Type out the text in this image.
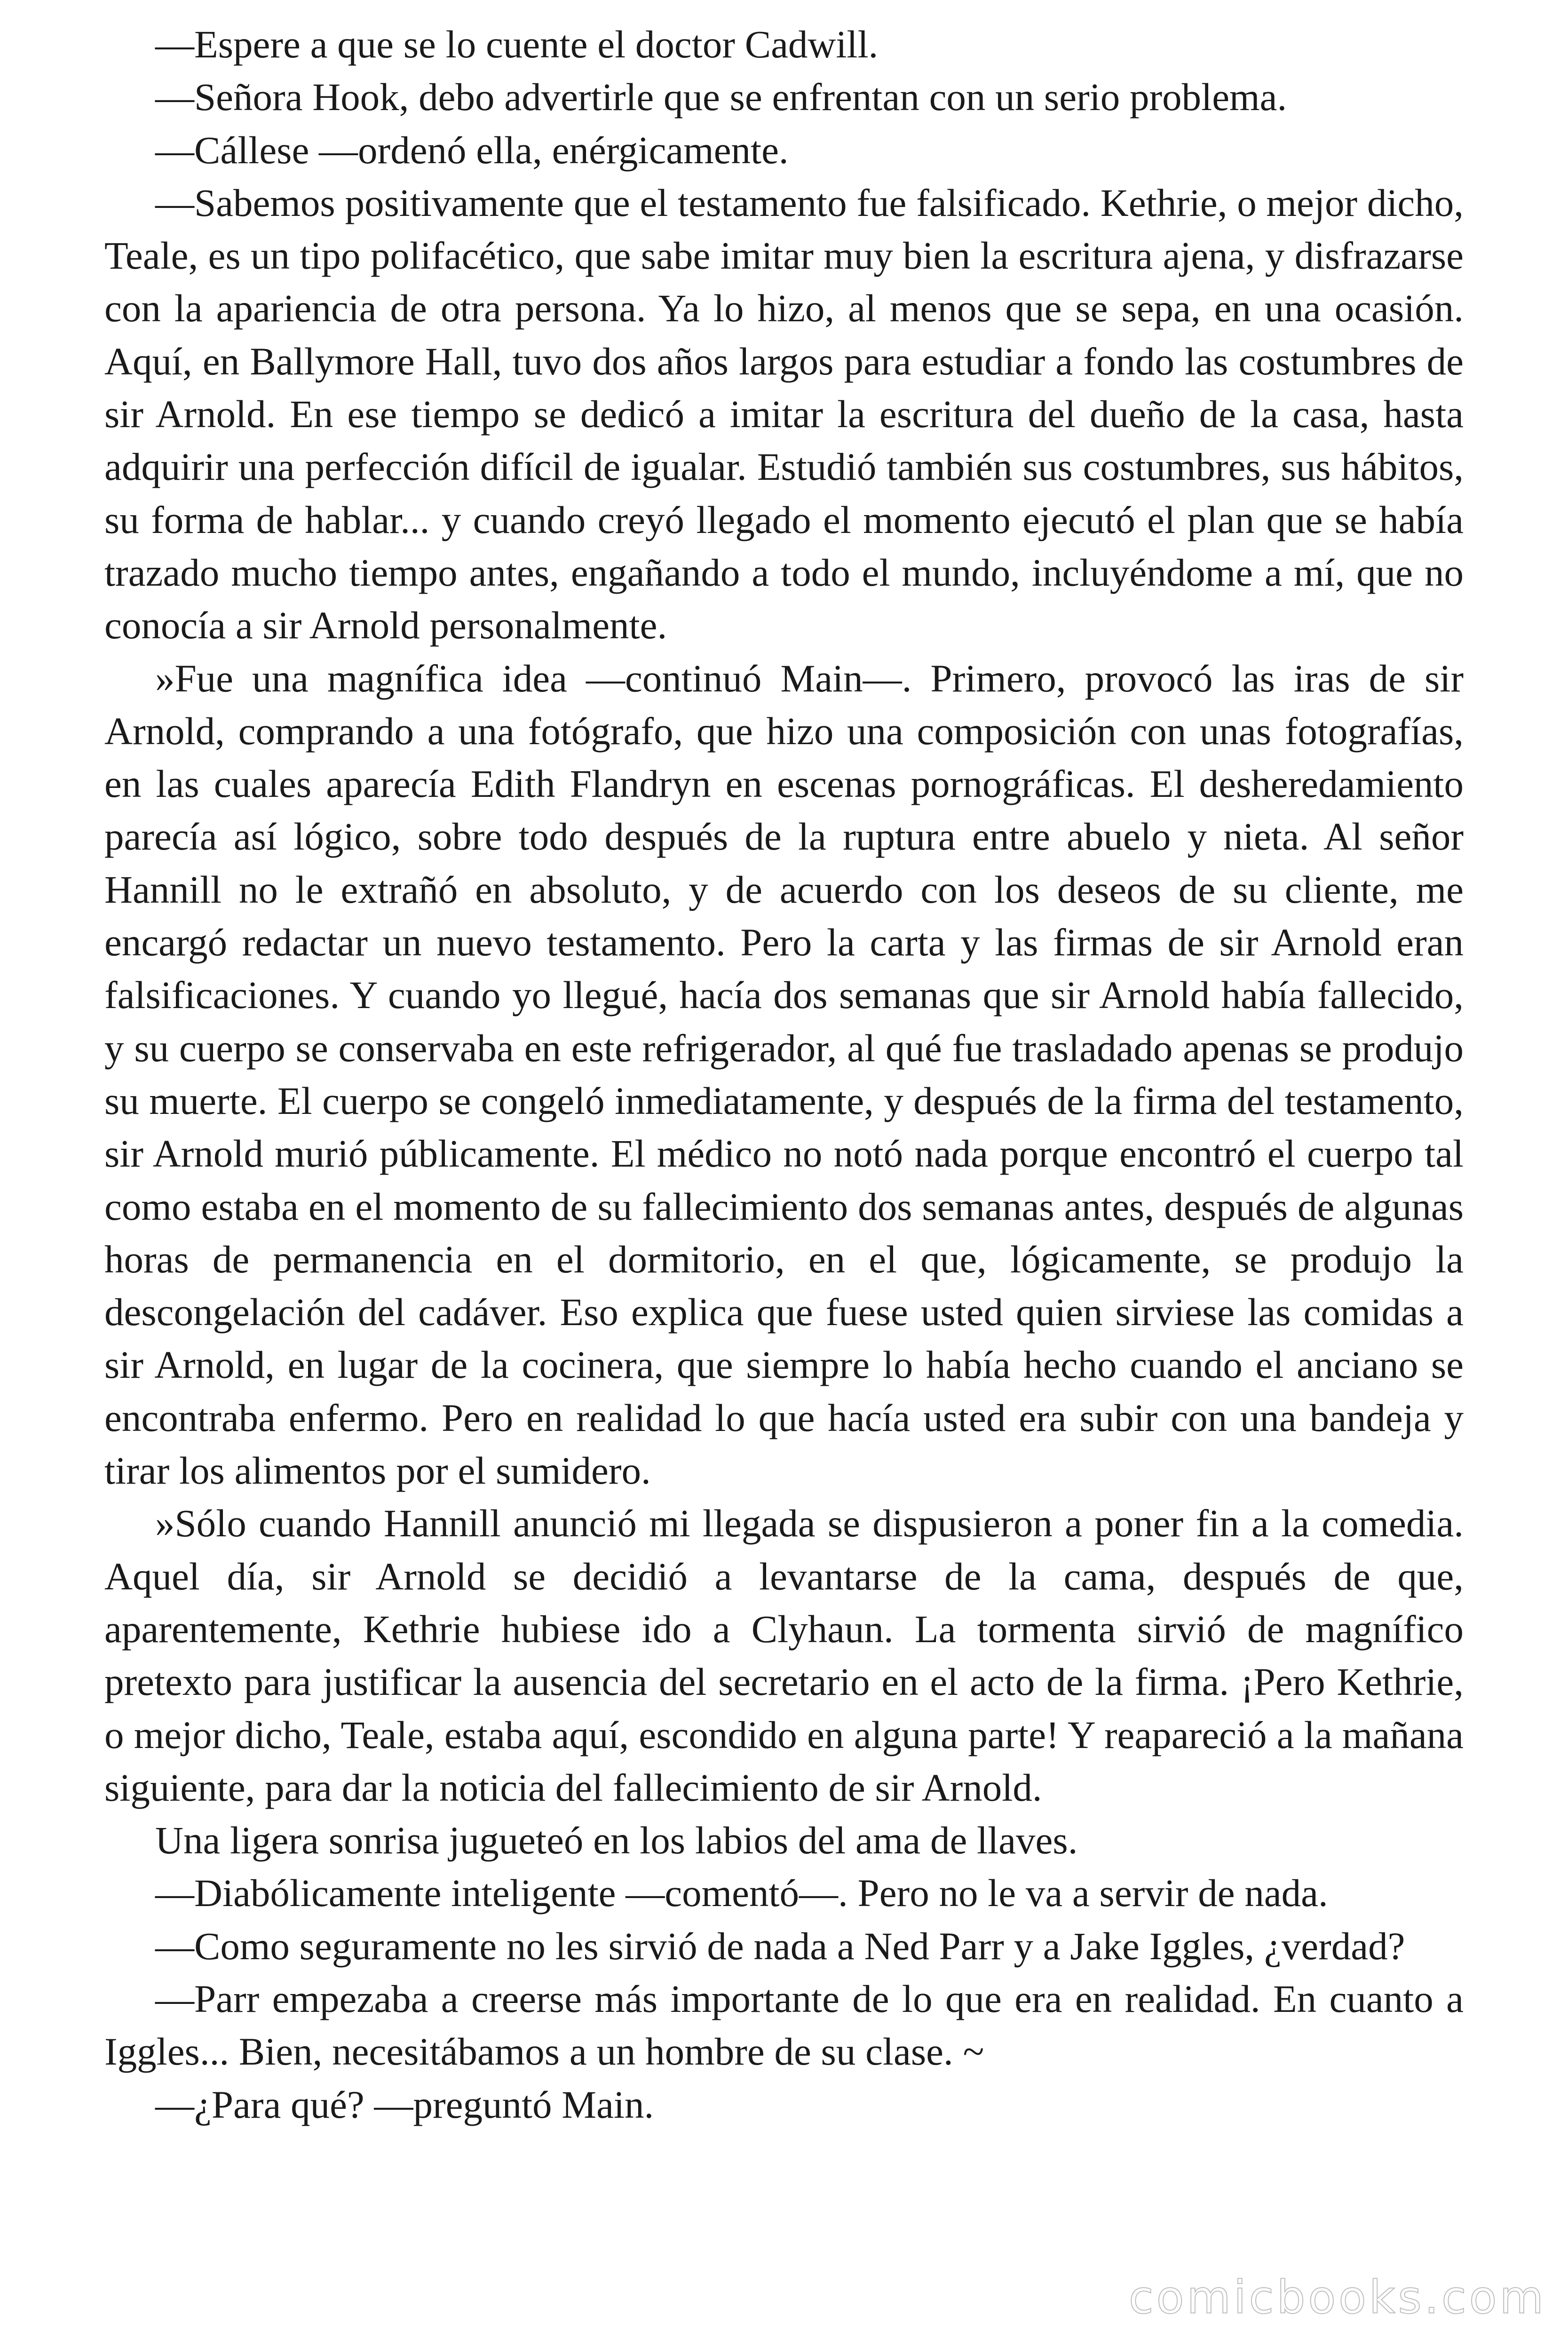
—Espere a que se lo cuente el doctor Cadwill.

—Señora Hook, debo advertirle que se enfrentan con un serio problema.

—Cállese —ordenó ella, enérgicamente.

—Sabemos positivamente que el testamento fue falsificado. Kethrie, o mejor dicho, Teale, es un tipo polifacético, que sabe imitar muy bien la escritura ajena, y disfrazarse con la apariencia de otra persona. Ya lo hizo, al menos que se sepa, en una ocasión. Aquí, en Ballymore Hall, tuvo dos años largos para estudiar a fondo las costumbres de sir Arnold. En ese tiempo se dedicó a imitar la escritura del dueño de la casa, hasta adquirir una perfección difícil de igualar. Estudió también sus costumbres, sus hábitos, su forma de hablar... y cuando creyó llegado el momento ejecutó el plan que se había trazado mucho tiempo antes, engañando a todo el mundo, incluyéndome a mí, que no conocía a sir Arnold personalmente.

»Fue una magnífica idea —continuó Main—. Primero, provocó las iras de sir Arnold, comprando a una fotógrafo, que hizo una composición con unas fotografías, en las cuales aparecía Edith Flandryn en escenas pornográficas. El desheredamiento parecía así lógico, sobre todo después de la ruptura entre abuelo y nieta. Al señor Hannill no le extrañó en absoluto, y de acuerdo con los deseos de su cliente, me encargó redactar un nuevo testamento. Pero la carta y las firmas de sir Arnold eran falsificaciones. Y cuando yo llegué, hacía dos semanas que sir Arnold había fallecido, y su cuerpo se conservaba en este refrigerador, al qué fue trasladado apenas se produjo su muerte. El cuerpo se congeló inmediatamente, y después de la firma del testamento, sir Arnold murió públicamente. El médico no notó nada porque encontró el cuerpo tal como estaba en el momento de su fallecimiento dos semanas antes, después de algunas horas de permanencia en el dormitorio, en el que, lógicamente, se produjo la descongelación del cadáver. Eso explica que fuese usted quien sirviese las comidas a sir Arnold, en lugar de la cocinera, que siempre lo había hecho cuando el anciano se encontraba enfermo. Pero en realidad lo que hacía usted era subir con una bandeja y tirar los alimentos por el sumidero.

»Sólo cuando Hannill anunció mi llegada se dispusieron a poner fin a la comedia. Aquel día, sir Arnold se decidió a levantarse de la cama, después de que, aparentemente, Kethrie hubiese ido a Clyhaun. La tormenta sirvió de magnífico pretexto para justificar la ausencia del secretario en el acto de la firma. ¡Pero Kethrie, o mejor dicho, Teale, estaba aquí, escondido en alguna parte! Y reapareció a la mañana siguiente, para dar la noticia del fallecimiento de sir Arnold.

Una ligera sonrisa jugueteó en los labios del ama de llaves.

—Diabólicamente inteligente —comentó—. Pero no le va a servir de nada.

—Como seguramente no les sirvió de nada a Ned Parr y a Jake Iggles, ¿verdad?

—Parr empezaba a creerse más importante de lo que era en realidad. En cuanto a Iggles... Bien, necesitábamos a un hombre de su clase. ~

—¿Para qué? —preguntó Main.

comicbooks.com
